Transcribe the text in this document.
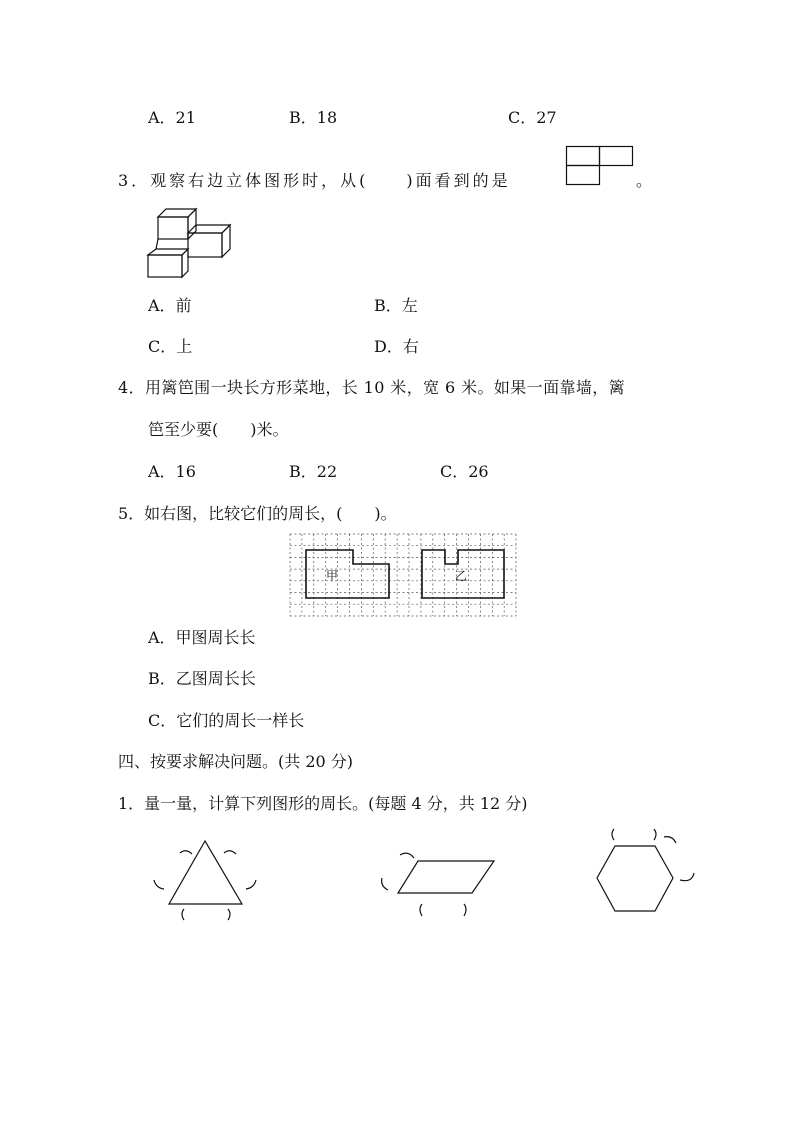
A．21	B．18	C．27
3．观察右边立体图形时，从(　　)面看到的是	。
A．前	B．左
C．上	D．右
4．用篱笆围一块长方形菜地，长 10 米，宽 6 米。如果一面靠墙，篱
笆至少要(　　)米。
A．16	B．22	C．26
5．如右图，比较它们的周长，(　　)。
甲	乙
A．甲图周长长
B．乙图周长长
C．它们的周长一样长
四、按要求解决问题。(共 20 分)
1．量一量，计算下列图形的周长。(每题 4 分，共 12 分)
